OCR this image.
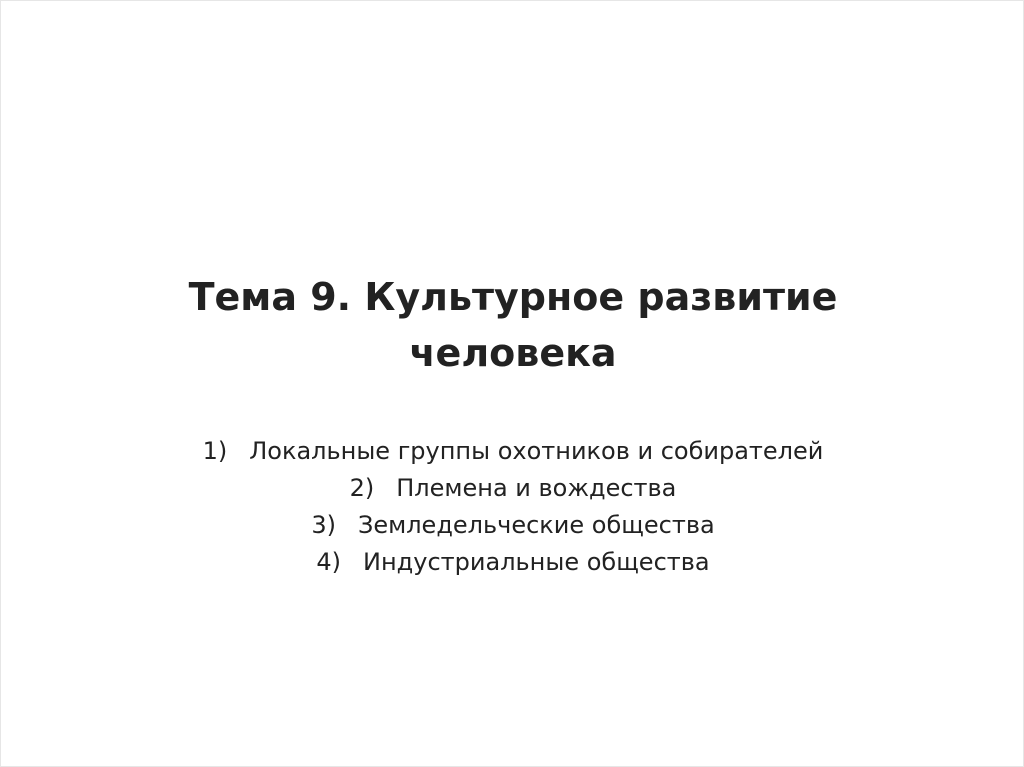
Тема 9. Культурное развитие
человека
1) Локальные группы охотников и собирателей
2) Племена и вождества
3) Земледельческие общества
4) Индустриальные общества
